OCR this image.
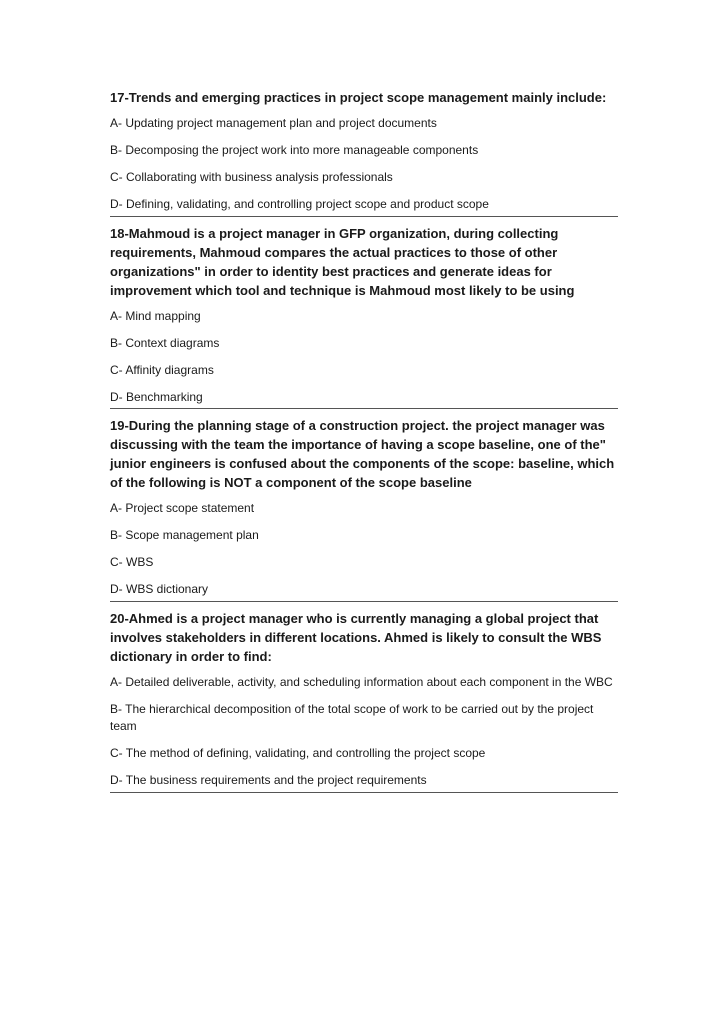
17-Trends and emerging practices in project scope management mainly include:

A- Updating project management plan and project documents

B- Decomposing the project work into more manageable components

C- Collaborating with business analysis professionals

D- Defining, validating, and controlling project scope and product scope

18-Mahmoud is a project manager in GFP organization, during collecting requirements, Mahmoud compares the actual practices to those of other organizations" in order to identity best practices and generate ideas for improvement which tool and technique is Mahmoud most likely to be using

A- Mind mapping

B- Context diagrams

C- Affinity diagrams

D- Benchmarking

19-During the planning stage of a construction project. the project manager was discussing with the team the importance of having a scope baseline, one of the" junior engineers is confused about the components of the scope: baseline, which of the following is NOT a component of the scope baseline

A- Project scope statement

B- Scope management plan

C- WBS

D- WBS dictionary

20-Ahmed is a project manager who is currently managing a global project that involves stakeholders in different locations. Ahmed is likely to consult the WBS dictionary in order to find:

A- Detailed deliverable, activity, and scheduling information about each component in the WBC

B- The hierarchical decomposition of the total scope of work to be carried out by the project team

C- The method of defining, validating, and controlling the project scope

D- The business requirements and the project requirements
